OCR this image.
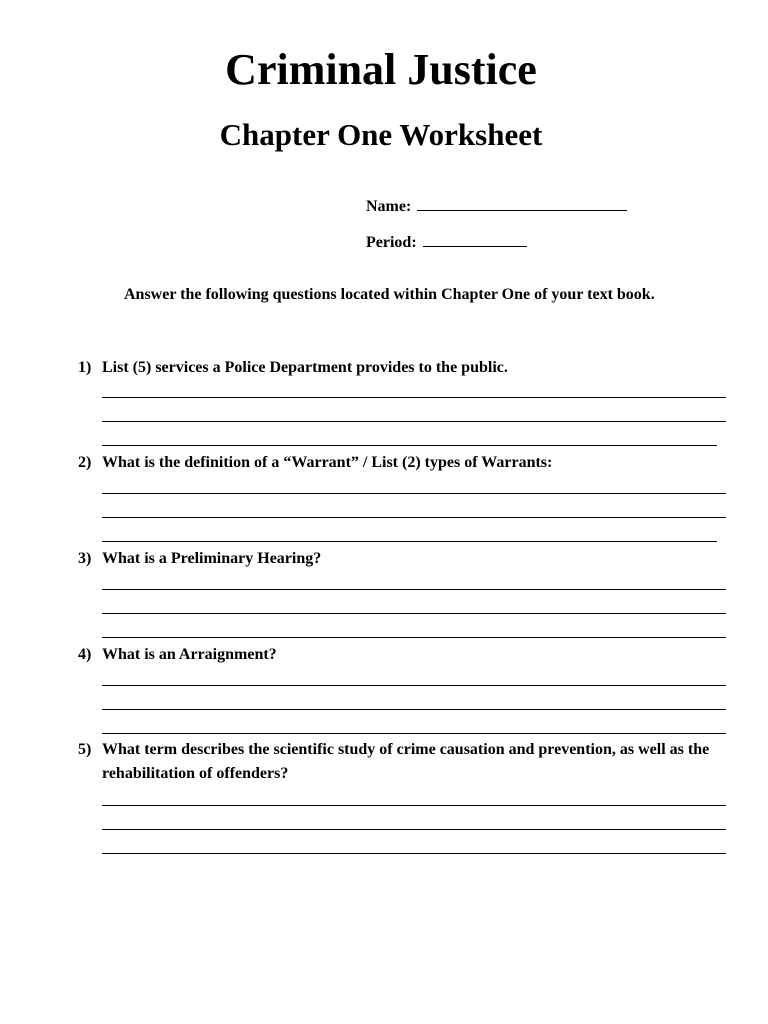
Criminal Justice
Chapter One Worksheet

Name:

Period:

Answer the following questions located within Chapter One of your text book.
1) List (5) services a Police Department provides to the public.
2) What is the definition of a “Warrant” / List (2) types of Warrants:
3) What is a Preliminary Hearing?
4) What is an Arraignment?
5) What term describes the scientific study of crime causation and prevention, as well as the rehabilitation of offenders?
